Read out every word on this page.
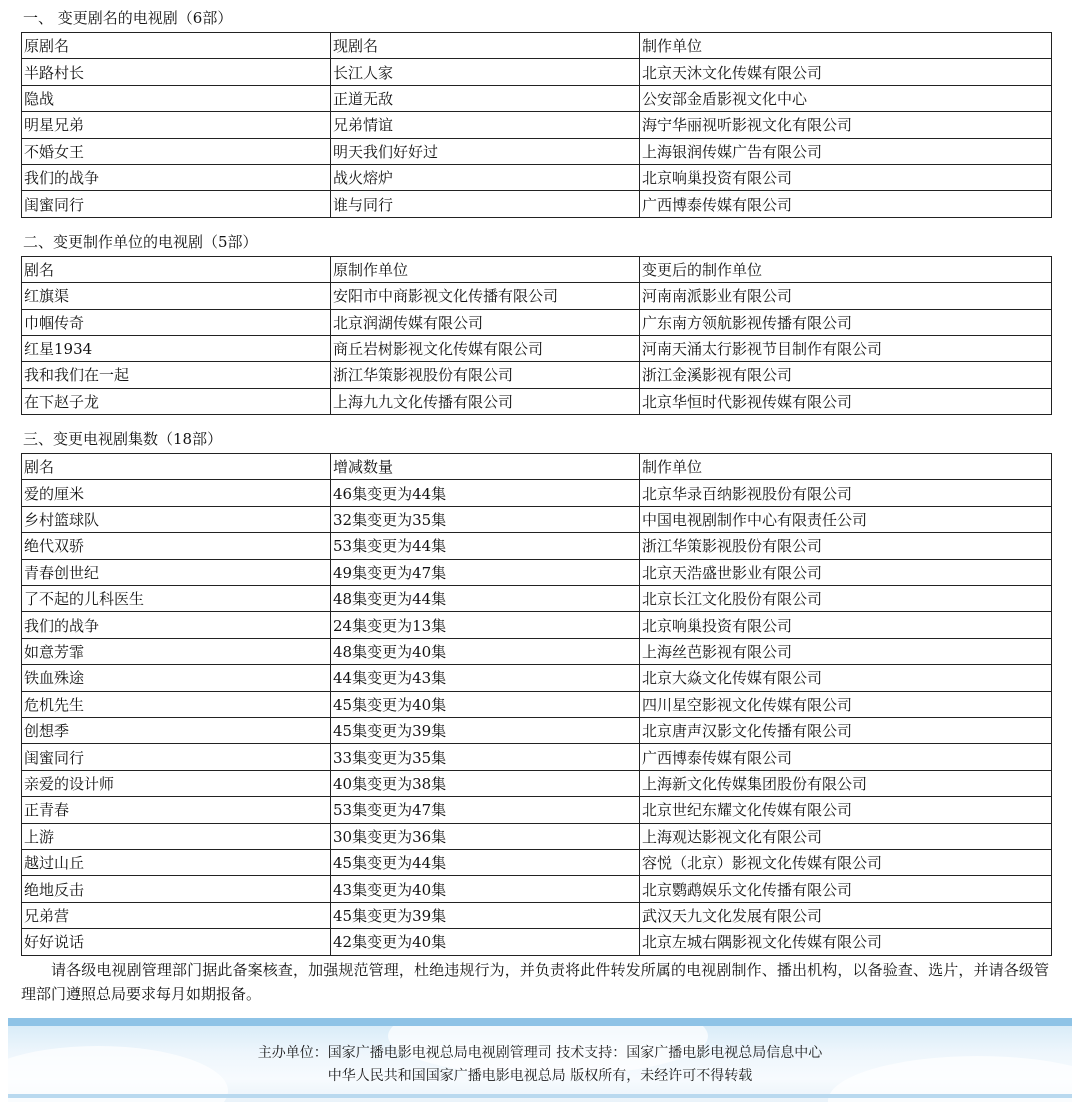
一、 变更剧名的电视剧（6部）
原剧名	现剧名	制作单位
半路村长	长江人家	北京天沐文化传媒有限公司
隐战	正道无敌	公安部金盾影视文化中心
明星兄弟	兄弟情谊	海宁华丽视听影视文化有限公司
不婚女王	明天我们好好过	上海银润传媒广告有限公司
我们的战争	战火熔炉	北京响巢投资有限公司
闺蜜同行	谁与同行	广西博泰传媒有限公司
二、变更制作单位的电视剧（5部）
剧名	原制作单位	变更后的制作单位
红旗渠	安阳市中商影视文化传播有限公司	河南南派影业有限公司
巾帼传奇	北京润湖传媒有限公司	广东南方领航影视传播有限公司
红星1934	商丘岩树影视文化传媒有限公司	河南天涌太行影视节目制作有限公司
我和我们在一起	浙江华策影视股份有限公司	浙江金溪影视有限公司
在下赵子龙	上海九九文化传播有限公司	北京华恒时代影视传媒有限公司
三、变更电视剧集数（18部）
剧名	增减数量	制作单位
爱的厘米	46集变更为44集	北京华录百纳影视股份有限公司
乡村篮球队	32集变更为35集	中国电视剧制作中心有限责任公司
绝代双骄	53集变更为44集	浙江华策影视股份有限公司
青春创世纪	49集变更为47集	北京天浩盛世影业有限公司
了不起的儿科医生	48集变更为44集	北京长江文化股份有限公司
我们的战争	24集变更为13集	北京响巢投资有限公司
如意芳霏	48集变更为40集	上海丝芭影视有限公司
铁血殊途	44集变更为43集	北京大焱文化传媒有限公司
危机先生	45集变更为40集	四川星空影视文化传媒有限公司
创想季	45集变更为39集	北京唐声汉影文化传播有限公司
闺蜜同行	33集变更为35集	广西博泰传媒有限公司
亲爱的设计师	40集变更为38集	上海新文化传媒集团股份有限公司
正青春	53集变更为47集	北京世纪东耀文化传媒有限公司
上游	30集变更为36集	上海观达影视文化有限公司
越过山丘	45集变更为44集	容悦（北京）影视文化传媒有限公司
绝地反击	43集变更为40集	北京鹦鹉娱乐文化传播有限公司
兄弟营	45集变更为39集	武汉天九文化发展有限公司
好好说话	42集变更为40集	北京左城右隅影视文化传媒有限公司
请各级电视剧管理部门据此备案核查，加强规范管理，杜绝违规行为，并负责将此件转发所属的电视剧制作、播出机构，以备验查、选片，并请各级管理部门遵照总局要求每月如期报备。
主办单位：国家广播电影电视总局电视剧管理司 技术支持：国家广播电影电视总局信息中心
中华人民共和国国家广播电影电视总局 版权所有，未经许可不得转载
